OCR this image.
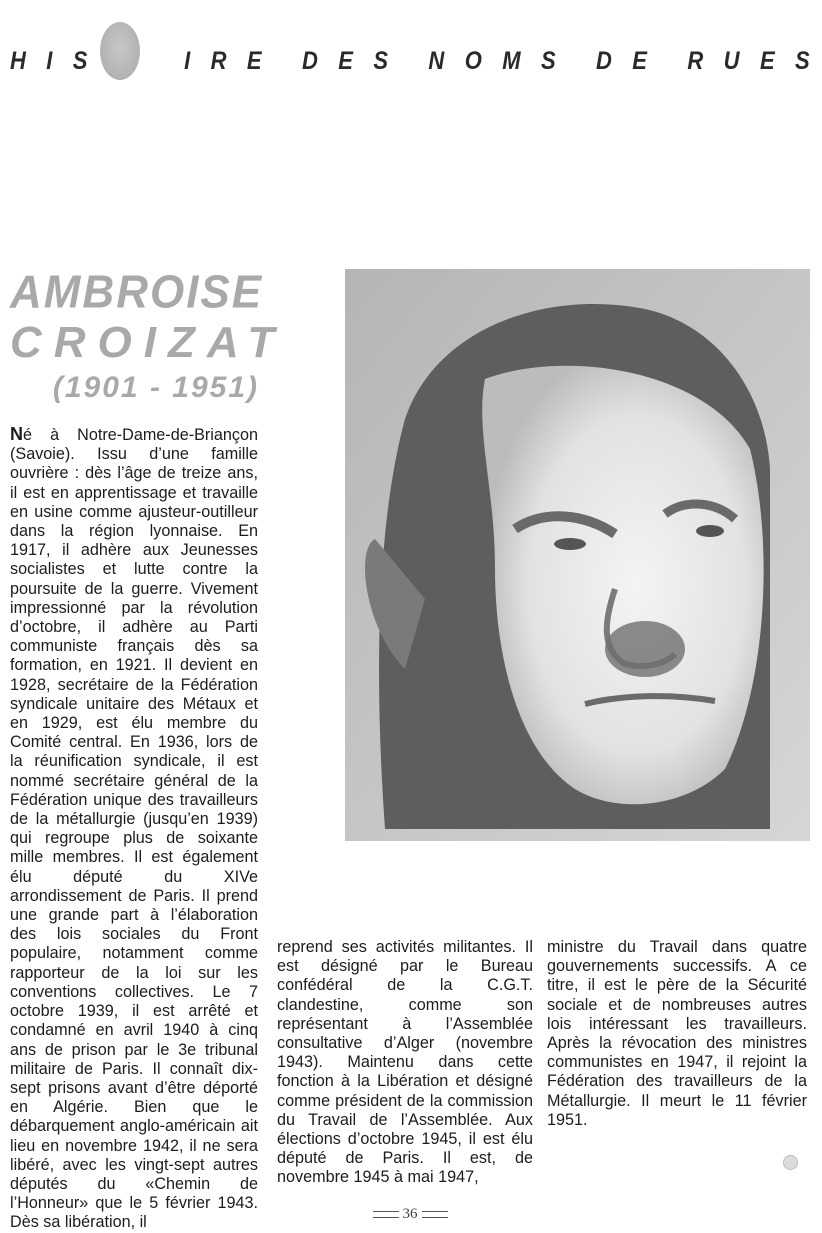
H I S	I R E D E S N O M S D E R U E S
AMBROISE
CROIZAT
(1901 - 1951)
Né à Notre-Dame-de-Briançon (Savoie). Issu d’une famille ouvrière : dès l’âge de treize ans, il est en apprentissage et travaille en usine comme ajusteur-outilleur dans la région lyonnaise. En 1917, il adhère aux Jeunesses socialistes et lutte contre la poursuite de la guerre. Vivement impressionné par la révolution d’octobre, il adhère au Parti communiste français dès sa formation, en 1921. Il devient en 1928, secrétaire de la Fédération syndicale unitaire des Métaux et en 1929, est élu membre du Comité central. En 1936, lors de la réunification syndicale, il est nommé secrétaire général de la Fédération unique des travailleurs de la métallurgie (jusqu’en 1939) qui regroupe plus de soixante mille membres. Il est également élu député du XIVe arrondissement de Paris. Il prend une grande part à l’élaboration des lois sociales du Front populaire, notamment comme rapporteur de la loi sur les conventions collectives. Le 7 octobre 1939, il est arrêté et condamné en avril 1940 à cinq ans de prison par le 3e tribunal militaire de Paris. Il connaît dix-sept prisons avant d’être déporté en Algérie. Bien que le débarquement anglo-américain ait lieu en novembre 1942, il ne sera libéré, avec les vingt-sept autres députés du «Chemin de l’Honneur» que le 5 février 1943. Dès sa libération, il
reprend ses activités militantes. Il est désigné par le Bureau confédéral de la C.G.T. clandestine, comme son représentant à l’Assemblée consultative d’Alger (novembre 1943). Maintenu dans cette fonction à la Libération et désigné comme président de la commission du Travail de l’Assemblée. Aux élections d’octobre 1945, il est élu député de Paris. Il est, de novembre 1945 à mai 1947,
ministre du Travail dans quatre gouvernements successifs. A ce titre, il est le père de la Sécurité sociale et de nombreuses autres lois intéressant les travailleurs. Après la révocation des ministres communistes en 1947, il rejoint la Fédération des travailleurs de la Métallurgie. Il meurt le 11 février 1951.
36
